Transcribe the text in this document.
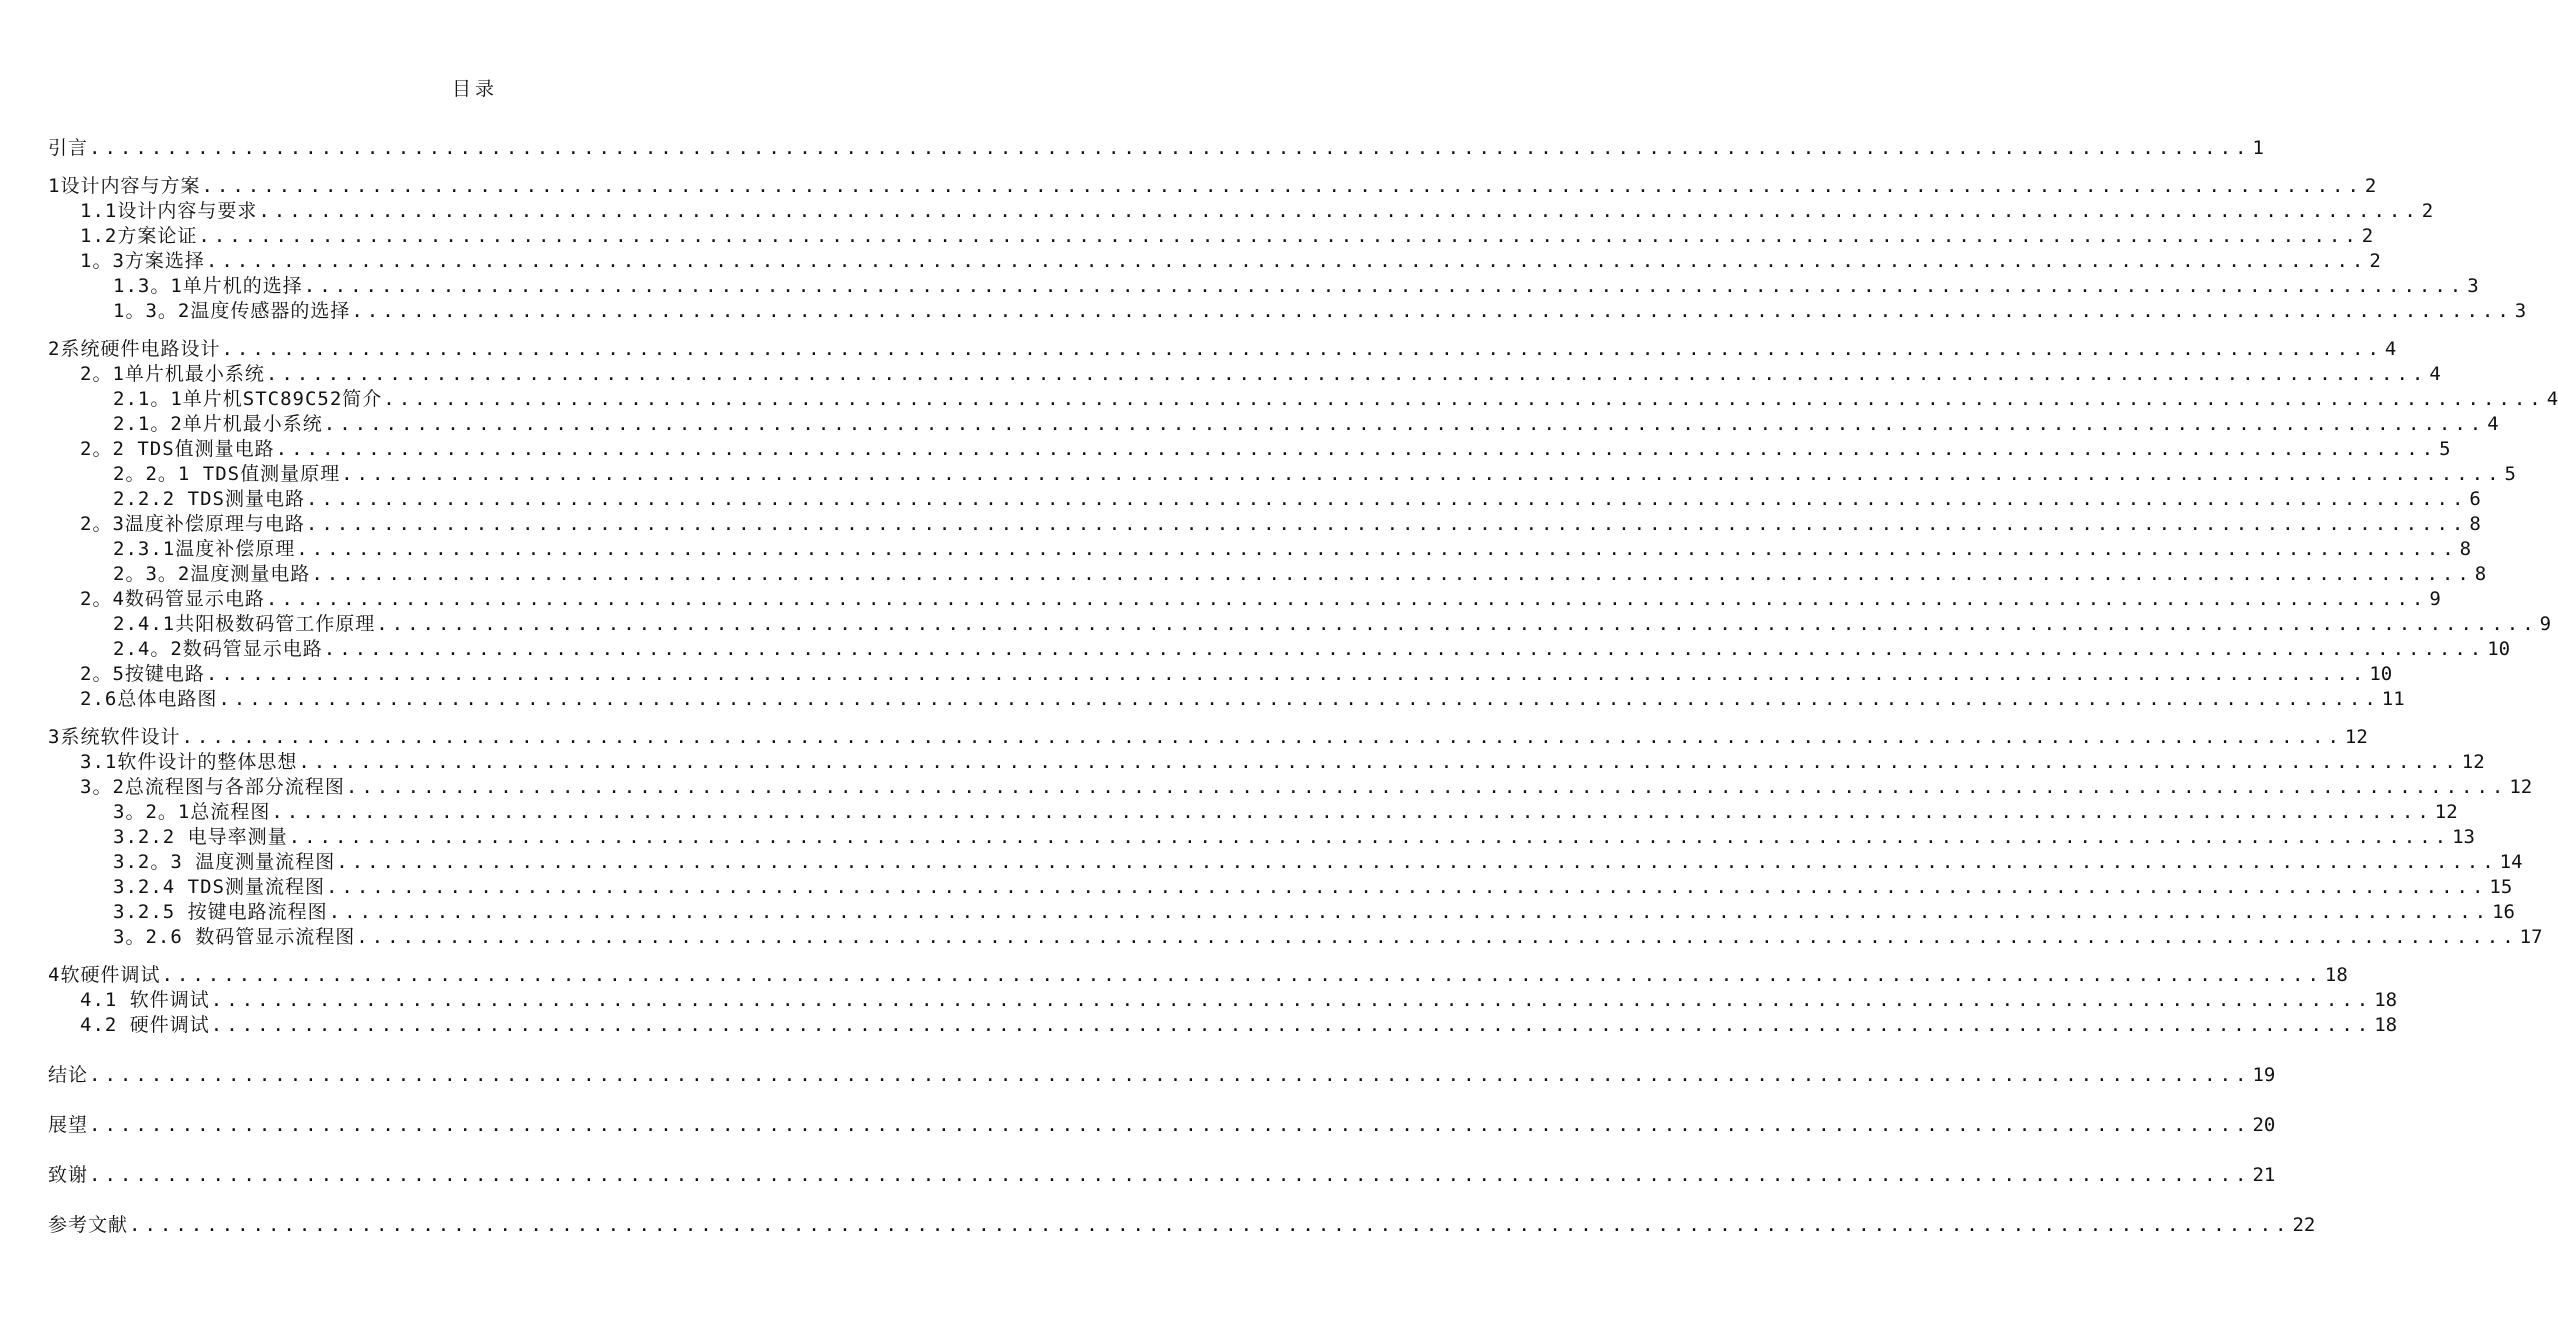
目录
引言 ............................................................................................................................................ 1
1设计内容与方案 ............................................................................................................................................ 2
1.1设计内容与要求 ............................................................................................................................................ 2
1.2方案论证 ............................................................................................................................................ 2
1。3方案选择 ............................................................................................................................................ 2
1.3。1单片机的选择 ............................................................................................................................................ 3
1。3。2温度传感器的选择 ............................................................................................................................................ 3
2系统硬件电路设计 ............................................................................................................................................ 4
2。1单片机最小系统 ............................................................................................................................................ 4
2.1。1单片机STC89C52简介 ............................................................................................................................................ 4
2.1。2单片机最小系统 ............................................................................................................................................ 4
2。2 TDS值测量电路 ............................................................................................................................................ 5
2。2。1 TDS值测量原理 ............................................................................................................................................ 5
2.2.2 TDS测量电路 ............................................................................................................................................ 6
2。3温度补偿原理与电路 ............................................................................................................................................ 8
2.3.1温度补偿原理 ............................................................................................................................................ 8
2。3。2温度测量电路 ............................................................................................................................................ 8
2。4数码管显示电路 ............................................................................................................................................ 9
2.4.1共阳极数码管工作原理 ............................................................................................................................................ 9
2.4。2数码管显示电路 ............................................................................................................................................ 10
2。5按键电路 ............................................................................................................................................ 10
2.6总体电路图 ............................................................................................................................................ 11
3系统软件设计 ............................................................................................................................................ 12
3.1软件设计的整体思想 ............................................................................................................................................ 12
3。2总流程图与各部分流程图 ............................................................................................................................................ 12
3。2。1总流程图 ............................................................................................................................................ 12
3.2.2 电导率测量 ............................................................................................................................................ 13
3.2。3 温度测量流程图 ............................................................................................................................................ 14
3.2.4 TDS测量流程图 ............................................................................................................................................ 15
3.2.5 按键电路流程图 ............................................................................................................................................ 16
3。2.6 数码管显示流程图 ............................................................................................................................................ 17
4软硬件调试 ............................................................................................................................................ 18
4.1 软件调试 ............................................................................................................................................ 18
4.2 硬件调试 ............................................................................................................................................ 18
结论 ............................................................................................................................................ 19
展望 ............................................................................................................................................ 20
致谢 ............................................................................................................................................ 21
参考文献 ............................................................................................................................................ 22
